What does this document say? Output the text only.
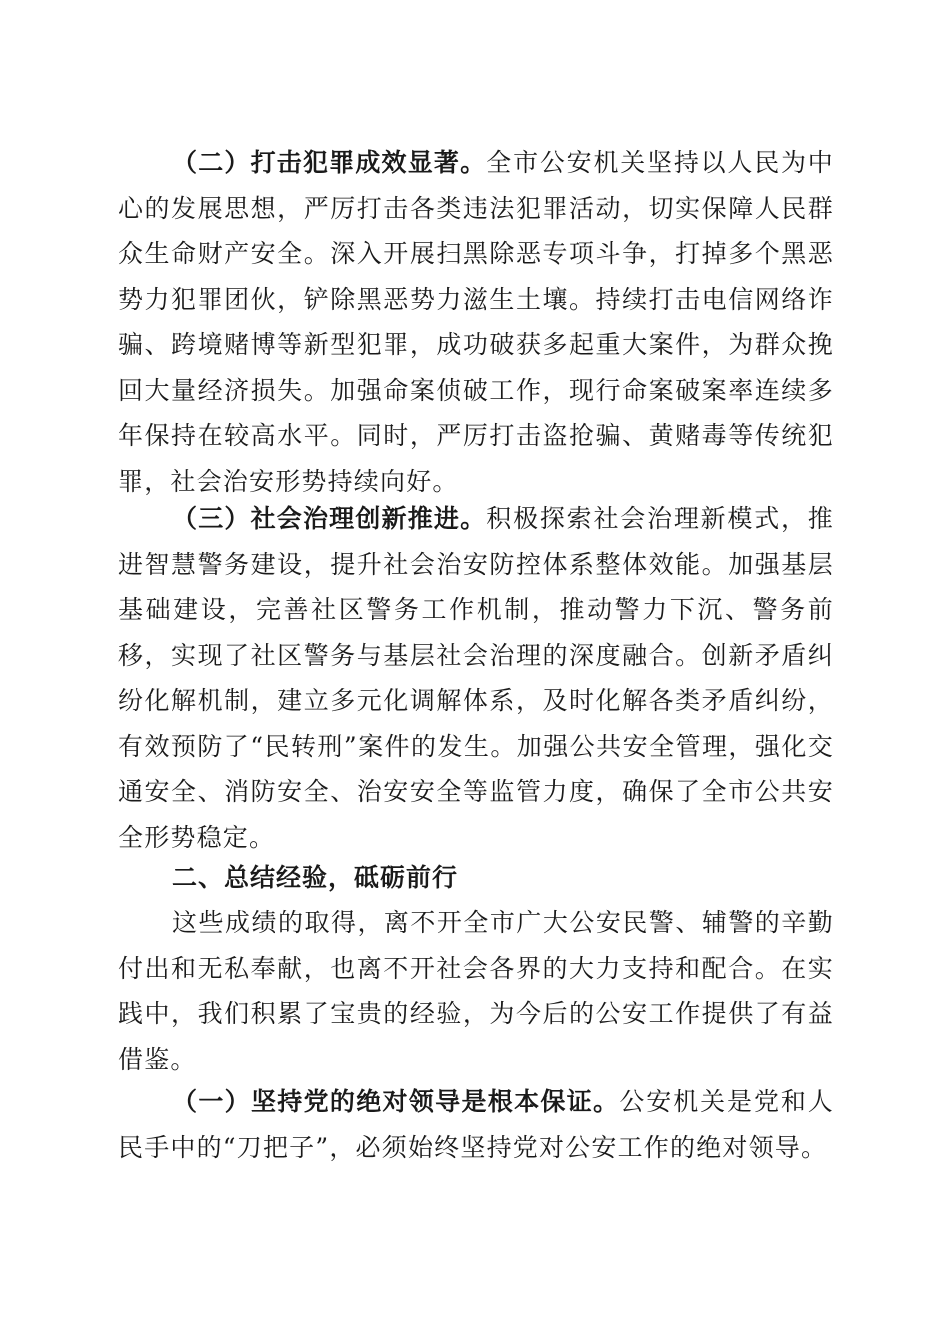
（二）打击犯罪成效显著。全市公安机关坚持以人民为中心的发展思想，严厉打击各类违法犯罪活动，切实保障人民群众生命财产安全。深入开展扫黑除恶专项斗争，打掉多个黑恶势力犯罪团伙，铲除黑恶势力滋生土壤。持续打击电信网络诈骗、跨境赌博等新型犯罪，成功破获多起重大案件，为群众挽回大量经济损失。加强命案侦破工作，现行命案破案率连续多年保持在较高水平。同时，严厉打击盗抢骗、黄赌毒等传统犯罪，社会治安形势持续向好。

（三）社会治理创新推进。积极探索社会治理新模式，推进智慧警务建设，提升社会治安防控体系整体效能。加强基层基础建设，完善社区警务工作机制，推动警力下沉、警务前移，实现了社区警务与基层社会治理的深度融合。创新矛盾纠纷化解机制，建立多元化调解体系，及时化解各类矛盾纠纷，有效预防了“民转刑”案件的发生。加强公共安全管理，强化交通安全、消防安全、治安安全等监管力度，确保了全市公共安全形势稳定。

二、总结经验，砥砺前行

这些成绩的取得，离不开全市广大公安民警、辅警的辛勤付出和无私奉献，也离不开社会各界的大力支持和配合。在实践中，我们积累了宝贵的经验，为今后的公安工作提供了有益借鉴。

（一）坚持党的绝对领导是根本保证。公安机关是党和人民手中的“刀把子”，必须始终坚持党对公安工作的绝对领导。
